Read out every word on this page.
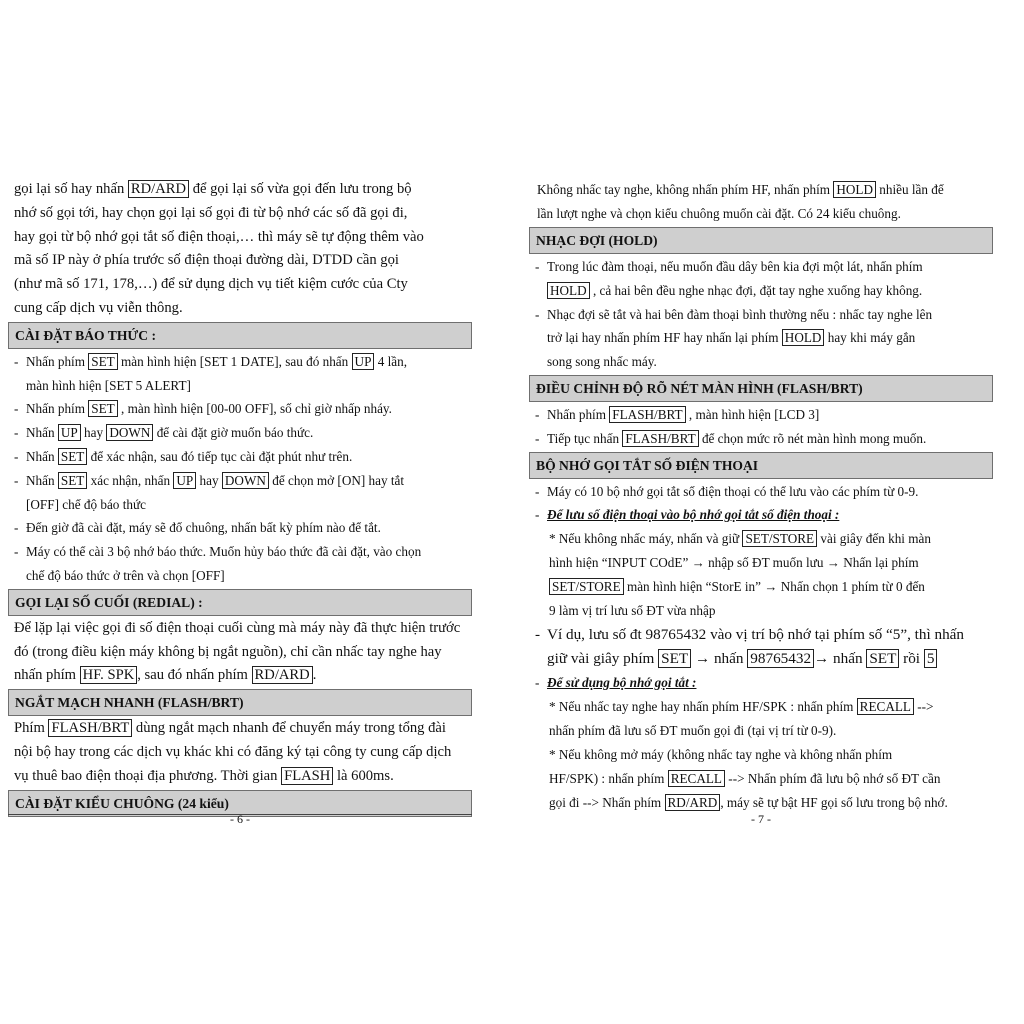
gọi lại số hay nhấn RD/ARD để gọi lại số vừa gọi đến lưu trong bộ
nhớ số gọi tới, hay chọn gọi lại số gọi đi từ bộ nhớ các số đã gọi đi,
hay gọi từ bộ nhớ gọi tắt số điện thoại,… thì máy sẽ tự động thêm vào
mã số IP này ở phía trước số điện thoại đường dài, DTDD cần gọi
(như mã số 171, 178,…) để sử dụng dịch vụ tiết kiệm cước của Cty
cung cấp dịch vụ viễn thông.
CÀI ĐẶT BÁO THỨC :
- Nhấn phím SET màn hình hiện [SET 1 DATE], sau đó nhấn UP 4 lần,
màn hình hiện [SET 5 ALERT]
- Nhấn phím SET , màn hình hiện [00-00 OFF], số chỉ giờ nhấp nháy.
- Nhấn UP hay DOWN để cài đặt giờ muốn báo thức.
- Nhấn SET để xác nhận, sau đó tiếp tục cài đặt phút như trên.
- Nhấn SET xác nhận, nhấn UP hay DOWN để chọn mở [ON] hay tắt
[OFF] chế độ báo thức
- Đến giờ đã cài đặt, máy sẽ đổ chuông, nhấn bất kỳ phím nào để tắt.
- Máy có thể cài 3 bộ nhớ báo thức. Muốn hủy báo thức đã cài đặt, vào chọn
chế độ báo thức ở trên và chọn [OFF]
GỌI LẠI SỐ CUỐI (REDIAL) :
Để lặp lại việc gọi đi số điện thoại cuối cùng mà máy này đã thực hiện trước
đó (trong điều kiện máy không bị ngắt nguồn), chỉ cần nhấc tay nghe hay
nhấn phím HF. SPK , sau đó nhấn phím RD/ARD .
NGẮT MẠCH NHANH (FLASH/BRT)
Phím FLASH/BRT dùng ngắt mạch nhanh để chuyển máy trong tổng đài
nội bộ hay trong các dịch vụ khác khi có đăng ký tại công ty cung cấp dịch
vụ thuê bao điện thoại địa phương. Thời gian FLASH là 600ms.
CÀI ĐẶT KIỂU CHUÔNG (24 kiểu)
- 6 -
Không nhấc tay nghe, không nhấn phím HF, nhấn phím HOLD nhiều lần để
lần lượt nghe và chọn kiểu chuông muốn cài đặt. Có 24 kiểu chuông.
NHẠC ĐỢI (HOLD)
- Trong lúc đàm thoại, nếu muốn đầu dây bên kia đợi một lát, nhấn phím
HOLD , cả hai bên đều nghe nhạc đợi, đặt tay nghe xuống hay không.
- Nhạc đợi sẽ tắt và hai bên đàm thoại bình thường nếu : nhấc tay nghe lên
trở lại hay nhấn phím HF hay nhấn lại phím HOLD hay khi máy gắn
song song nhấc máy.
ĐIỀU CHỈNH ĐỘ RÕ NÉT MÀN HÌNH (FLASH/BRT)
- Nhấn phím FLASH/BRT , màn hình hiện [LCD 3]
- Tiếp tục nhấn FLASH/BRT để chọn mức rõ nét màn hình mong muốn.
BỘ NHỚ GỌI TẮT SỐ ĐIỆN THOẠI
- Máy có 10 bộ nhớ gọi tắt số điện thoại có thể lưu vào các phím từ 0-9.
- Để lưu số điện thoại vào bộ nhớ gọi tắt số điện thoại :
* Nếu không nhấc máy, nhấn và giữ SET/STORE vài giây đến khi màn
hình hiện “INPUT COdE” → nhập số ĐT muốn lưu → Nhấn lại phím
SET/STORE màn hình hiện “StorE in” → Nhấn chọn 1 phím từ 0 đến
9 làm vị trí lưu số ĐT vừa nhập
- Ví dụ, lưu số đt 98765432 vào vị trí bộ nhớ tại phím số “5”, thì nhấn
giữ vài giây phím SET → nhấn 98765432 → nhấn SET rồi 5
- Để sử dụng bộ nhớ gọi tắt :
* Nếu nhấc tay nghe hay nhấn phím HF/SPK : nhấn phím RECALL -->
nhấn phím đã lưu số ĐT muốn gọi đi (tại vị trí từ 0-9).
* Nếu không mở máy (không nhấc tay nghe và không nhấn phím
HF/SPK) : nhấn phím RECALL --> Nhấn phím đã lưu bộ nhớ số ĐT cần
gọi đi --> Nhấn phím RD/ARD , máy sẽ tự bật HF gọi số lưu trong bộ nhớ.
- 7 -
